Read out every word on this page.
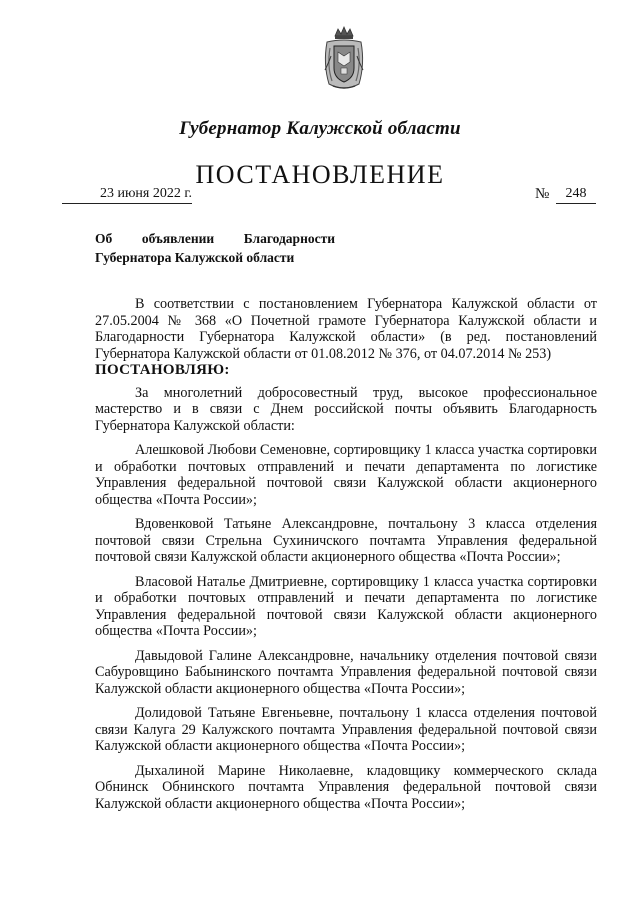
Губернатор Калужской области
ПОСТАНОВЛЕНИЕ
23 июня 2022 г.	№	248
Об объявлении Благодарности
Губернатора Калужской области

В соответствии с постановлением Губернатора Калужской области от 27.05.2004 № 368 «О Почетной грамоте Губернатора Калужской области и Благодарности Губернатора Калужской области» (в ред. постановлений Губернатора Калужской области от 01.08.2012 № 376, от 04.07.2014 № 253)

ПОСТАНОВЛЯЮ:

За многолетний добросовестный труд, высокое профессиональное мастерство и в связи с Днем российской почты объявить Благодарность Губернатора Калужской области:

Алешковой Любови Семеновне, сортировщику 1 класса участка сортировки и обработки почтовых отправлений и печати департамента по логистике Управления федеральной почтовой связи Калужской области акционерного общества «Почта России»;

Вдовенковой Татьяне Александровне, почтальону 3 класса отделения почтовой связи Стрельна Сухиничского почтамта Управления федеральной почтовой связи Калужской области акционерного общества «Почта России»;

Власовой Наталье Дмитриевне, сортировщику 1 класса участка сортировки и обработки почтовых отправлений и печати департамента по логистике Управления федеральной почтовой связи Калужской области акционерного общества «Почта России»;

Давыдовой Галине Александровне, начальнику отделения почтовой связи Сабуровщино Бабынинского почтамта Управления федеральной почтовой связи Калужской области акционерного общества «Почта России»;

Долидовой Татьяне Евгеньевне, почтальону 1 класса отделения почтовой связи Калуга 29 Калужского почтамта Управления федеральной почтовой связи Калужской области акционерного общества «Почта России»;

Дыхалиной Марине Николаевне, кладовщику коммерческого склада Обнинск Обнинского почтамта Управления федеральной почтовой связи Калужской области акционерного общества «Почта России»;
